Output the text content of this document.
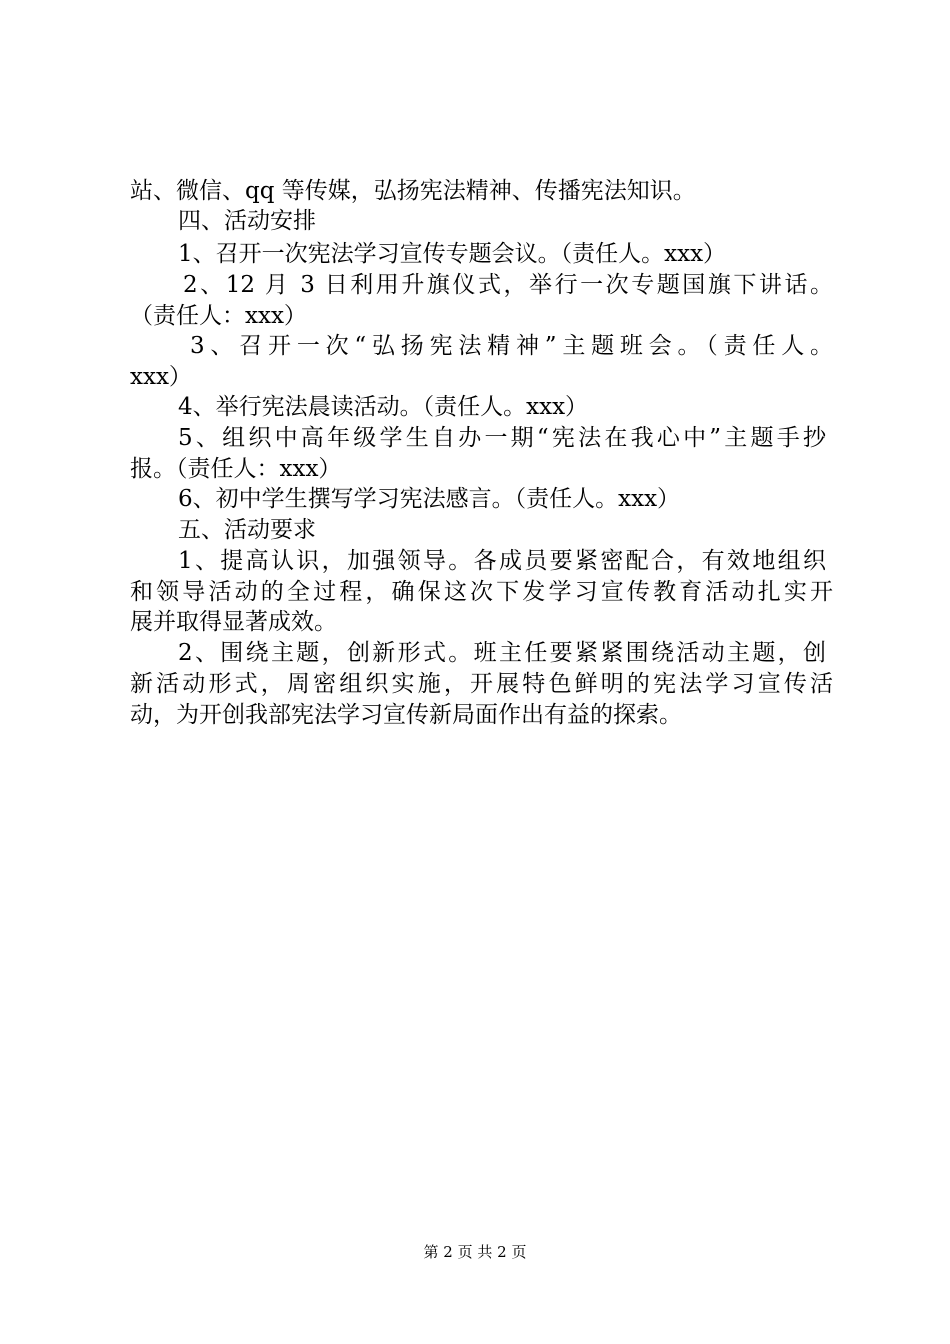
站、微信、qq 等传媒，弘扬宪法精神、传播宪法知识。
四、活动安排
1、召开一次宪法学习宣传专题会议。（责任人。xxx）
2、12 月 3 日利用升旗仪式，举行一次专题国旗下讲话。
（责任人：xxx）
3、召开一次“弘扬宪法精神”主题班会。（责任人。
xxx）
4、举行宪法晨读活动。（责任人。xxx）
5、组织中高年级学生自办一期“宪法在我心中”主题手抄
报。（责任人：xxx）
6、初中学生撰写学习宪法感言。（责任人。xxx）
五、活动要求
1、提高认识，加强领导。各成员要紧密配合，有效地组织
和领导活动的全过程，确保这次下发学习宣传教育活动扎实开
展并取得显著成效。
2、围绕主题，创新形式。班主任要紧紧围绕活动主题，创
新活动形式，周密组织实施，开展特色鲜明的宪法学习宣传活
动，为开创我部宪法学习宣传新局面作出有益的探索。
第 2 页 共 2 页
